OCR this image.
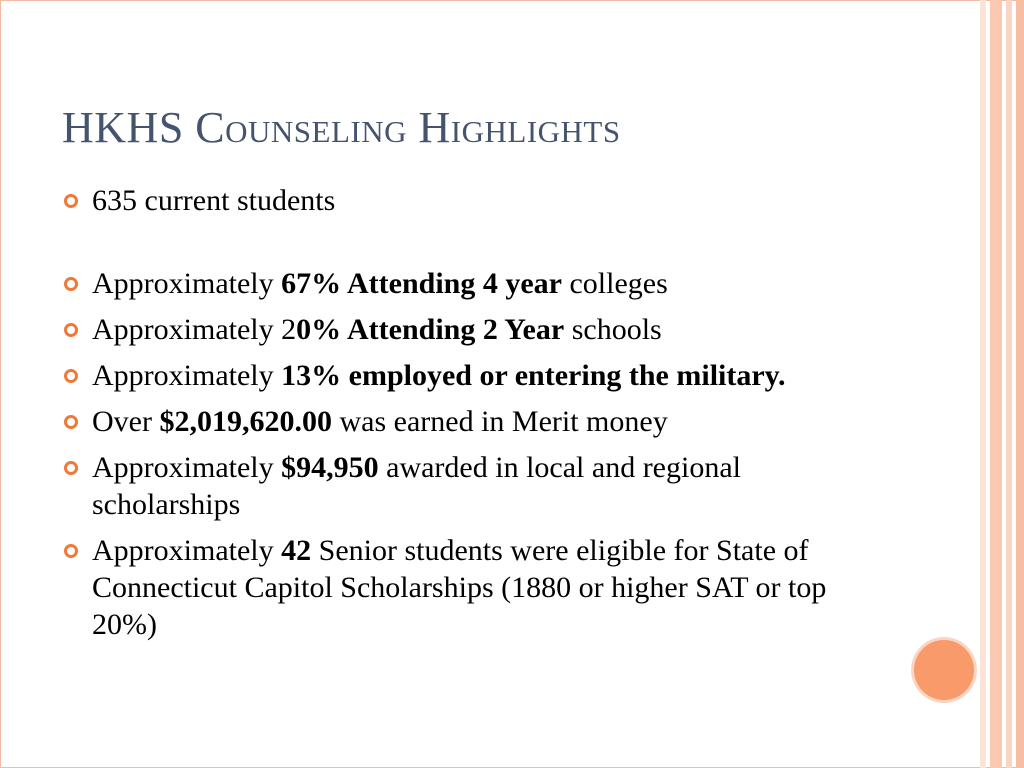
HKHS Counseling Highlights
635 current students
Approximately 67% Attending 4 year colleges
Approximately 20% Attending 2 Year schools
Approximately 13% employed or entering the military.
Over $2,019,620.00 was earned in Merit money
Approximately $94,950 awarded in local and regional scholarships
Approximately 42 Senior students were eligible for State of Connecticut Capitol Scholarships (1880 or higher SAT or top 20%)
